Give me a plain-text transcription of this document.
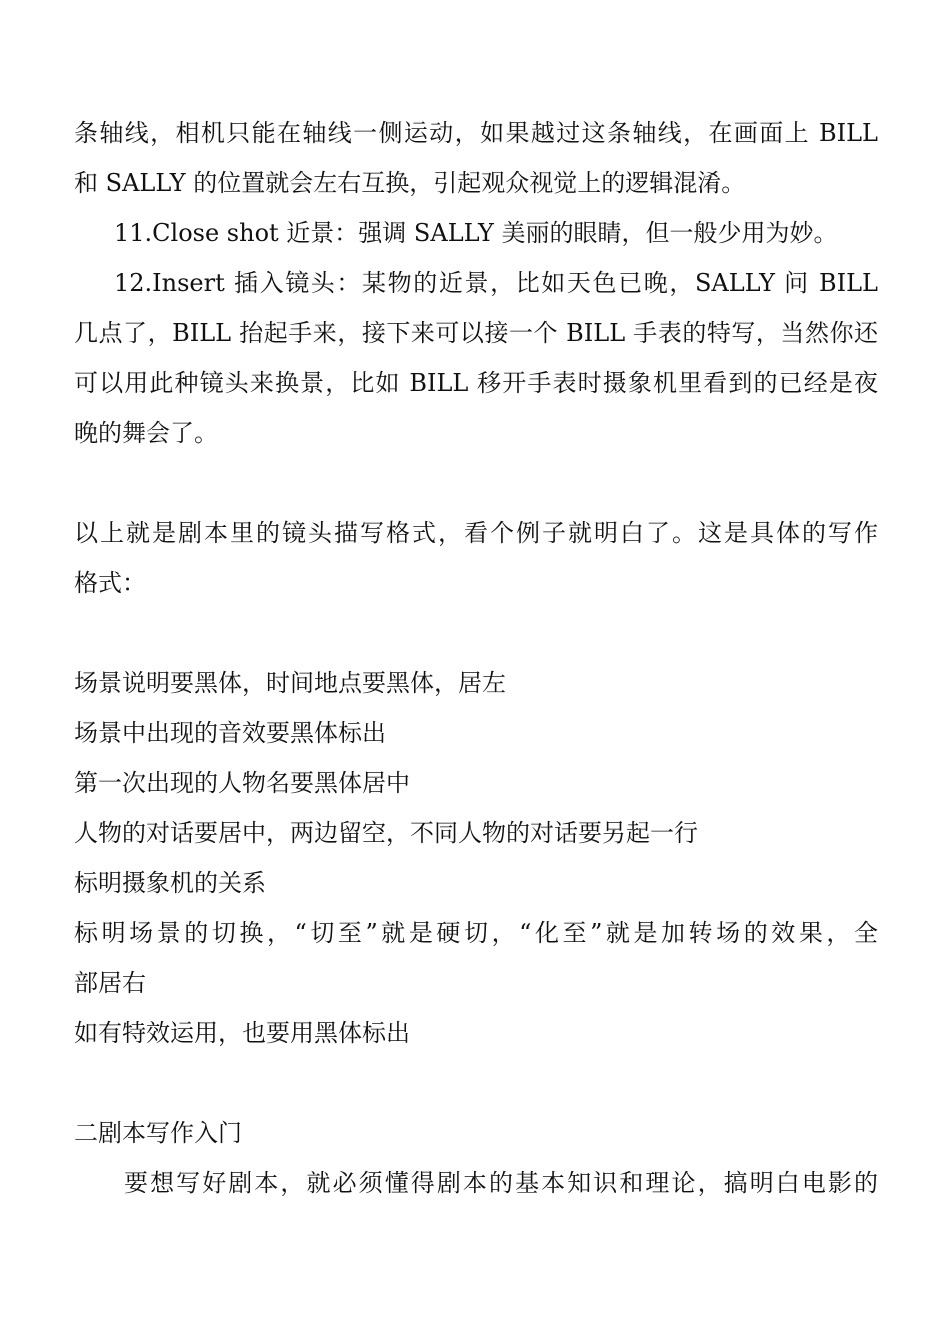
条轴线，相机只能在轴线一侧运动，如果越过这条轴线，在画面上 BILL
和 SALLY 的位置就会左右互换，引起观众视觉上的逻辑混淆。
11.Close shot 近景：强调 SALLY 美丽的眼睛，但一般少用为妙。
12.Insert 插入镜头：某物的近景，比如天色已晚，SALLY 问 BILL
几点了，BILL 抬起手来，接下来可以接一个 BILL 手表的特写，当然你还
可以用此种镜头来换景，比如 BILL 移开手表时摄象机里看到的已经是夜
晚的舞会了。
以上就是剧本里的镜头描写格式，看个例子就明白了。这是具体的写作
格式：
场景说明要黑体，时间地点要黑体，居左
场景中出现的音效要黑体标出
第一次出现的人物名要黑体居中
人物的对话要居中，两边留空，不同人物的对话要另起一行
标明摄象机的关系
标明场景的切换，“切至”就是硬切，“化至”就是加转场的效果，全
部居右
如有特效运用，也要用黑体标出
二剧本写作入门
要想写好剧本，就必须懂得剧本的基本知识和理论，搞明白电影的
